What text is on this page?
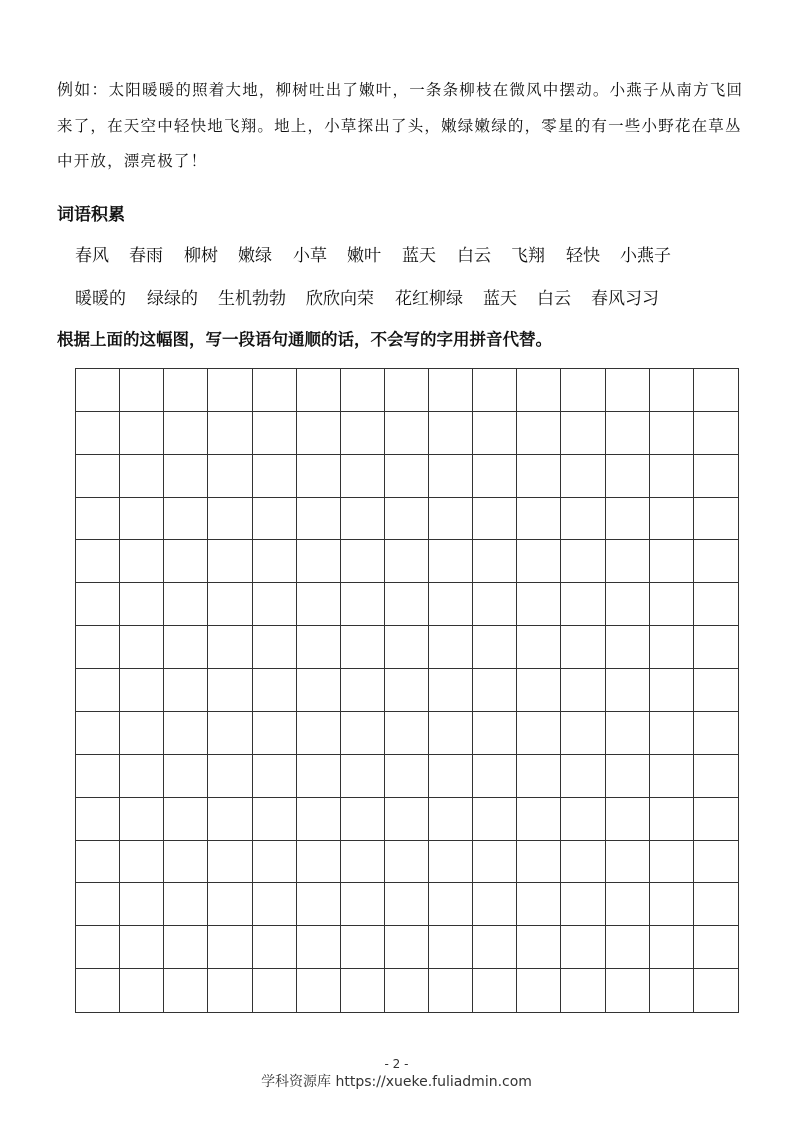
例如：太阳暖暖的照着大地，柳树吐出了嫩叶，一条条柳枝在微风中摆动。小燕子从南方飞回来了，在天空中轻快地飞翔。地上，小草探出了头，嫩绿嫩绿的，零星的有一些小野花在草丛中开放，漂亮极了！

词语积累
春风 春雨 柳树 嫩绿 小草 嫩叶 蓝天 白云 飞翔 轻快 小燕子
暖暖的 绿绿的 生机勃勃 欣欣向荣 花红柳绿 蓝天 白云 春风习习

根据上面的这幅图，写一段语句通顺的话，不会写的字用拼音代替。

- 2 -
学科资源库 https://xueke.fuliadmin.com
